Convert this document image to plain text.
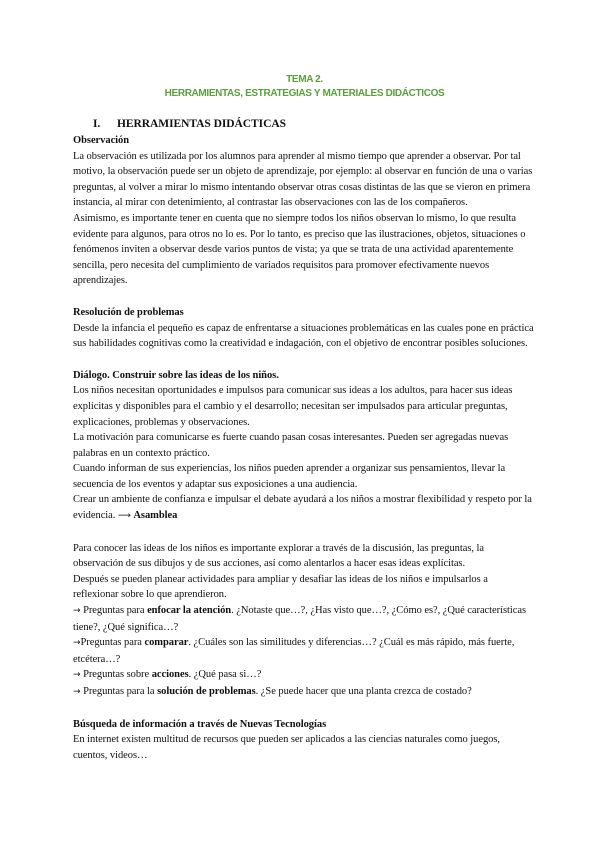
TEMA 2.
HERRAMIENTAS, ESTRATEGIAS Y MATERIALES DIDÁCTICOS
I. HERRAMIENTAS DIDÁCTICAS
Observación

La observación es utilizada por los alumnos para aprender al mismo tiempo que aprender a observar. Por tal motivo, la observación puede ser un objeto de aprendizaje, por ejemplo: al observar en función de una o varias preguntas, al volver a mirar lo mismo intentando observar otras cosas distintas de las que se vieron en primera instancia, al mirar con detenimiento, al contrastar las observaciones con las de los compañeros.

Asimismo, es importante tener en cuenta que no siempre todos los niños observan lo mismo, lo que resulta evidente para algunos, para otros no lo es. Por lo tanto, es preciso que las ilustraciones, objetos, situaciones o fenómenos inviten a observar desde varios puntos de vista; ya que se trata de una actividad aparentemente sencilla, pero necesita del cumplimiento de variados requisitos para promover efectivamente nuevos aprendizajes.

Resolución de problemas

Desde la infancia el pequeño es capaz de enfrentarse a situaciones problemáticas en las cuales pone en práctica sus habilidades cognitivas como la creatividad e indagación, con el objetivo de encontrar posibles soluciones.

Diálogo. Construir sobre las ideas de los niños.

Los niños necesitan oportunidades e impulsos para comunicar sus ideas a los adultos, para hacer sus ideas explícitas y disponibles para el cambio y el desarrollo; necesitan ser impulsados para articular preguntas, explicaciones, problemas y observaciones.

La motivación para comunicarse es fuerte cuando pasan cosas interesantes. Pueden ser agregadas nuevas palabras en un contexto práctico.

Cuando informan de sus experiencias, los niños pueden aprender a organizar sus pensamientos, llevar la secuencia de los eventos y adaptar sus exposiciones a una audiencia.

Crear un ambiente de confianza e impulsar el debate ayudará a los niños a mostrar flexibilidad y respeto por la evidencia. ⟶ Asamblea

Para conocer las ideas de los niños es importante explorar a través de la discusión, las preguntas, la observación de sus dibujos y de sus acciones, así como alentarlos a hacer esas ideas explícitas.

Después se pueden planear actividades para ampliar y desafiar las ideas de los niños e impulsarlos a reflexionar sobre lo que aprendieron.

→ Preguntas para enfocar la atención. ¿Notaste que…?, ¿Has visto que…?, ¿Cómo es?, ¿Qué características tiene?, ¿Qué significa…?

→Preguntas para comparar. ¿Cuáles son las similitudes y diferencias…? ¿Cuál es más rápido, más fuerte, etcétera…?

→ Preguntas sobre acciones. ¿Qué pasa si…?

→ Preguntas para la solución de problemas. ¿Se puede hacer que una planta crezca de costado?

Búsqueda de información a través de Nuevas Tecnologías

En internet existen multitud de recursos que pueden ser aplicados a las ciencias naturales como juegos, cuentos, videos…
